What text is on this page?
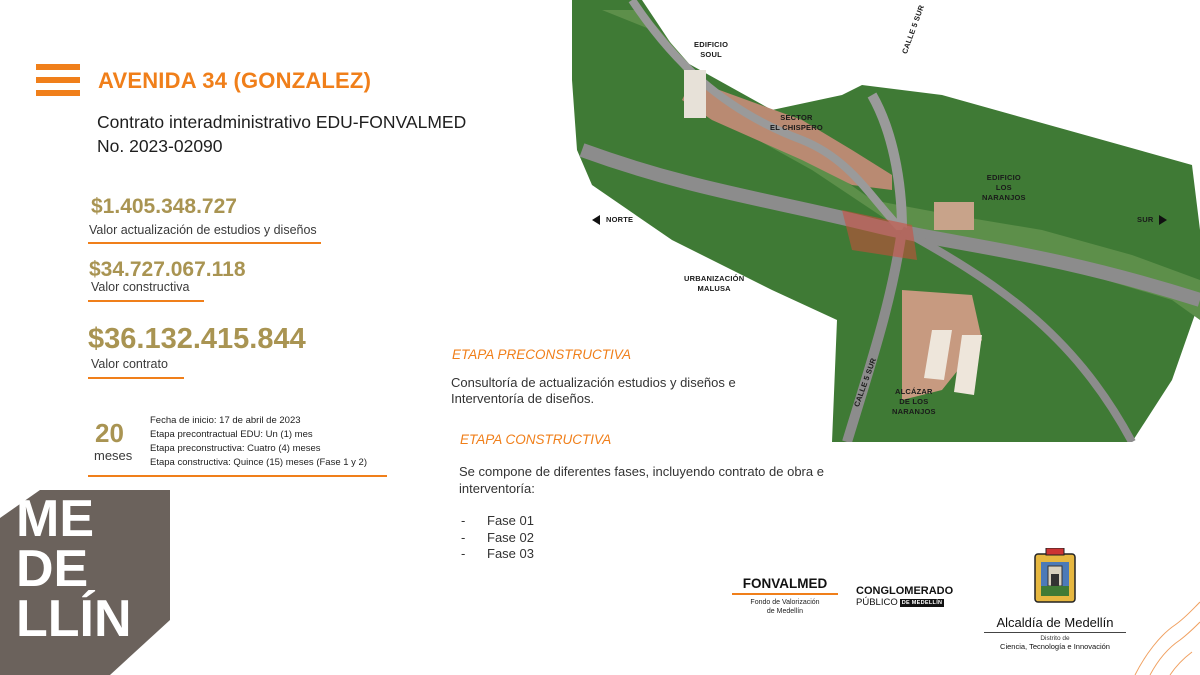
AVENIDA 34 (GONZALEZ)
Contrato interadministrativo EDU-FONVALMED
No. 2023-02090
$1.405.348.727
Valor actualización de estudios y diseños
$34.727.067.118
Valor constructiva
$36.132.415.844
Valor contrato
20
meses
Fecha de inicio: 17 de abril de 2023
Etapa precontractual EDU: Un (1) mes
Etapa preconstructiva: Cuatro (4) meses
Etapa constructiva: Quince (15) meses (Fase 1 y 2)
ME
DE
LLÍN
EDIFICIO
SOUL
SECTOR
EL CHISPERO
EDIFICIO
LOS
NARANJOS
URBANIZACIÓN
MALUSA
ALCÁZAR
DE LOS
NARANJOS
CALLE 5 SUR
CALLE 5 SUR
NORTE	SUR
ETAPA PRECONSTRUCTIVA
Consultoría de actualización estudios y diseños e Interventoría de diseños.
ETAPA CONSTRUCTIVA
Se compone de diferentes fases, incluyendo contrato de obra e interventoría:
-	Fase 01
-	Fase 02
-	Fase 03
FONVALMED
Fondo de Valorización
de Medellín
CONGLOMERADO
PÚBLICO DE MEDELLÍN
Alcaldía de Medellín
Distrito de
Ciencia, Tecnología e Innovación
